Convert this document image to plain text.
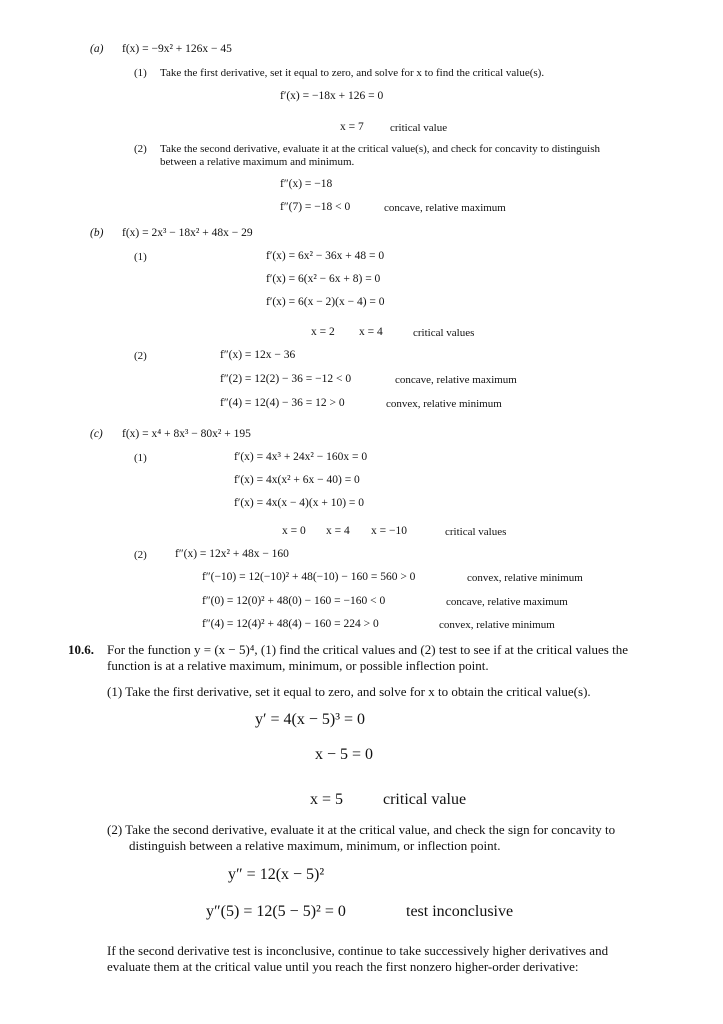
(a) f(x) = −9x² + 126x − 45
(1) Take the first derivative, set it equal to zero, and solve for x to find the critical value(s).
f′(x) = −18x + 126 = 0
x = 7 critical value
(2) Take the second derivative, evaluate it at the critical value(s), and check for concavity to distinguish
between a relative maximum and minimum.
f″(x) = −18
f″(7) = −18 < 0	concave, relative maximum
(b) f(x) = 2x³ − 18x² + 48x − 29
(1)	f′(x) = 6x² − 36x + 48 = 0
f′(x) = 6(x² − 6x + 8) = 0
f′(x) = 6(x − 2)(x − 4) = 0
x = 2 x = 4	critical values
(2)	f″(x) = 12x − 36
f″(2) = 12(2) − 36 = −12 < 0	concave, relative maximum
f″(4) = 12(4) − 36 = 12 > 0	convex, relative minimum
(c) f(x) = x⁴ + 8x³ − 80x² + 195
(1)	f′(x) = 4x³ + 24x² − 160x = 0
f′(x) = 4x(x² + 6x − 40) = 0
f′(x) = 4x(x − 4)(x + 10) = 0
x = 0 x = 4 x = −10	critical values
(2) f″(x) = 12x² + 48x − 160
f″(−10) = 12(−10)² + 48(−10) − 160 = 560 > 0	convex, relative minimum
f″(0) = 12(0)² + 48(0) − 160 = −160 < 0	concave, relative maximum
f″(4) = 12(4)² + 48(4) − 160 = 224 > 0	convex, relative minimum
10.6. For the function y = (x − 5)⁴, (1) find the critical values and (2) test to see if at the critical values the
function is at a relative maximum, minimum, or possible inflection point.
(1) Take the first derivative, set it equal to zero, and solve for x to obtain the critical value(s).
y′ = 4(x − 5)³ = 0
x − 5 = 0
x = 5 critical value
(2) Take the second derivative, evaluate it at the critical value, and check the sign for concavity to
distinguish between a relative maximum, minimum, or inflection point.
y″ = 12(x − 5)²
y″(5) = 12(5 − 5)² = 0	test inconclusive
If the second derivative test is inconclusive, continue to take successively higher derivatives and
evaluate them at the critical value until you reach the first nonzero higher-order derivative:
